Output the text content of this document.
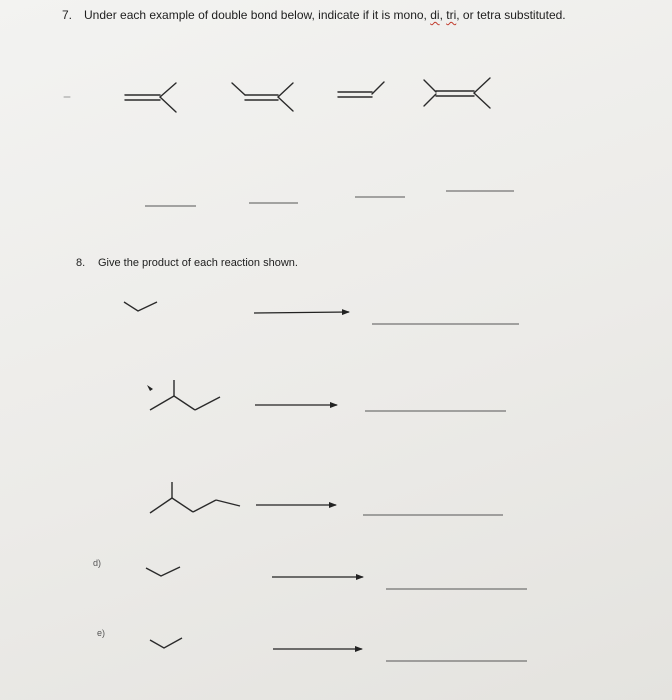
7. Under each example of double bond below, indicate if it is mono, di, tri, or tetra substituted.
8. Give the product of each reaction shown.
d)
e)
